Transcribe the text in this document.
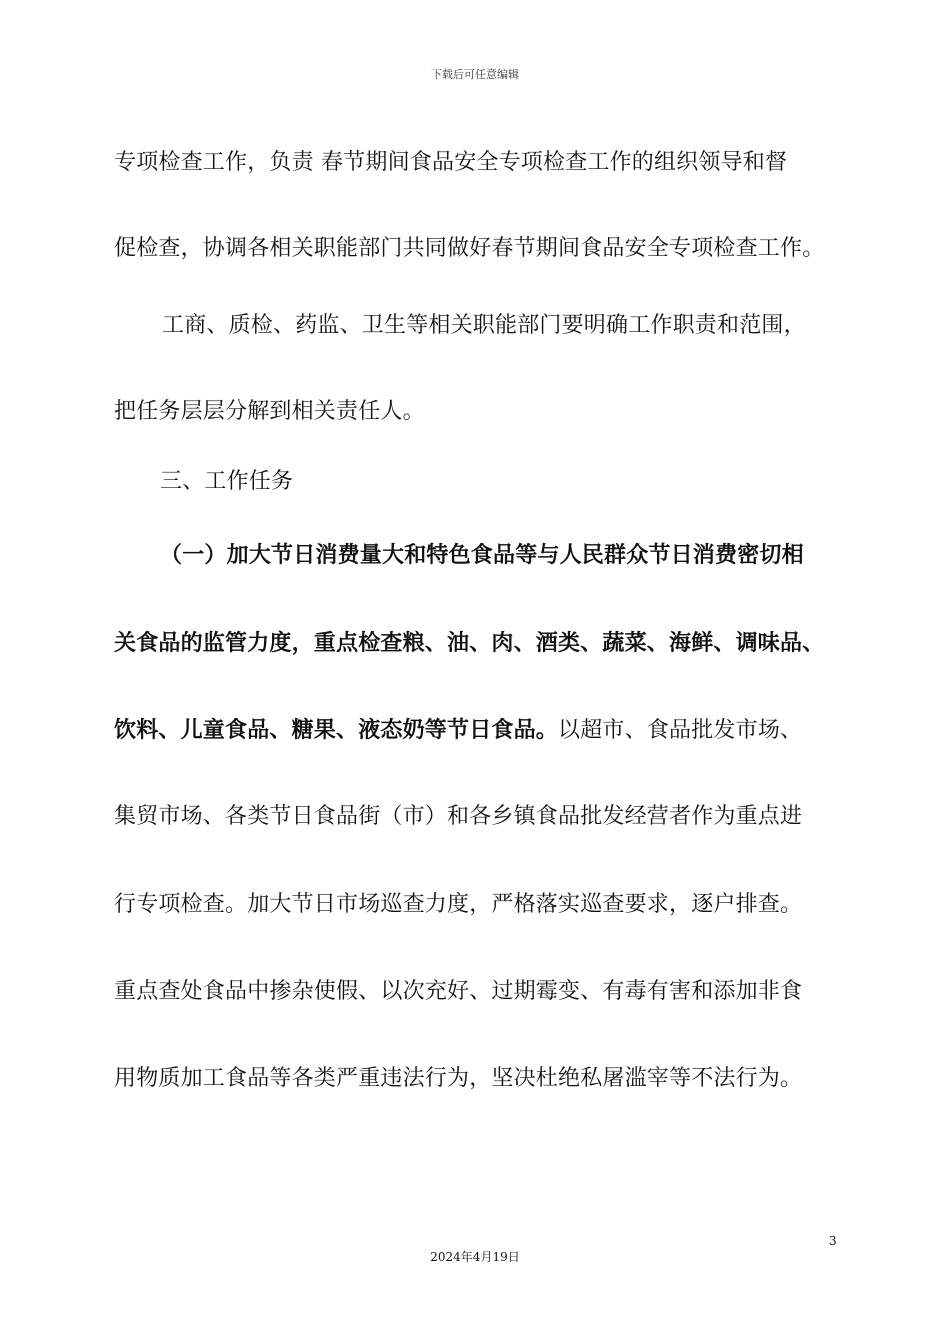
下载后可任意编辑
专项检查工作，负责 春节期间食品安全专项检查工作的组织领导和督
促检查，协调各相关职能部门共同做好春节期间食品安全专项检查工作。
工商、质检、药监、卫生等相关职能部门要明确工作职责和范围，
把任务层层分解到相关责任人。
三、工作任务
（一）加大节日消费量大和特色食品等与人民群众节日消费密切相
关食品的监管力度，重点检查粮、油、肉、酒类、蔬菜、海鲜、调味品、
饮料、儿童食品、糖果、液态奶等节日食品。以超市、食品批发市场、
集贸市场、各类节日食品街（市）和各乡镇食品批发经营者作为重点进
行专项检查。加大节日市场巡查力度，严格落实巡查要求，逐户排查。
重点查处食品中掺杂使假、以次充好、过期霉变、有毒有害和添加非食
用物质加工食品等各类严重违法行为，坚决杜绝私屠滥宰等不法行为。
3
2024年4月19日
